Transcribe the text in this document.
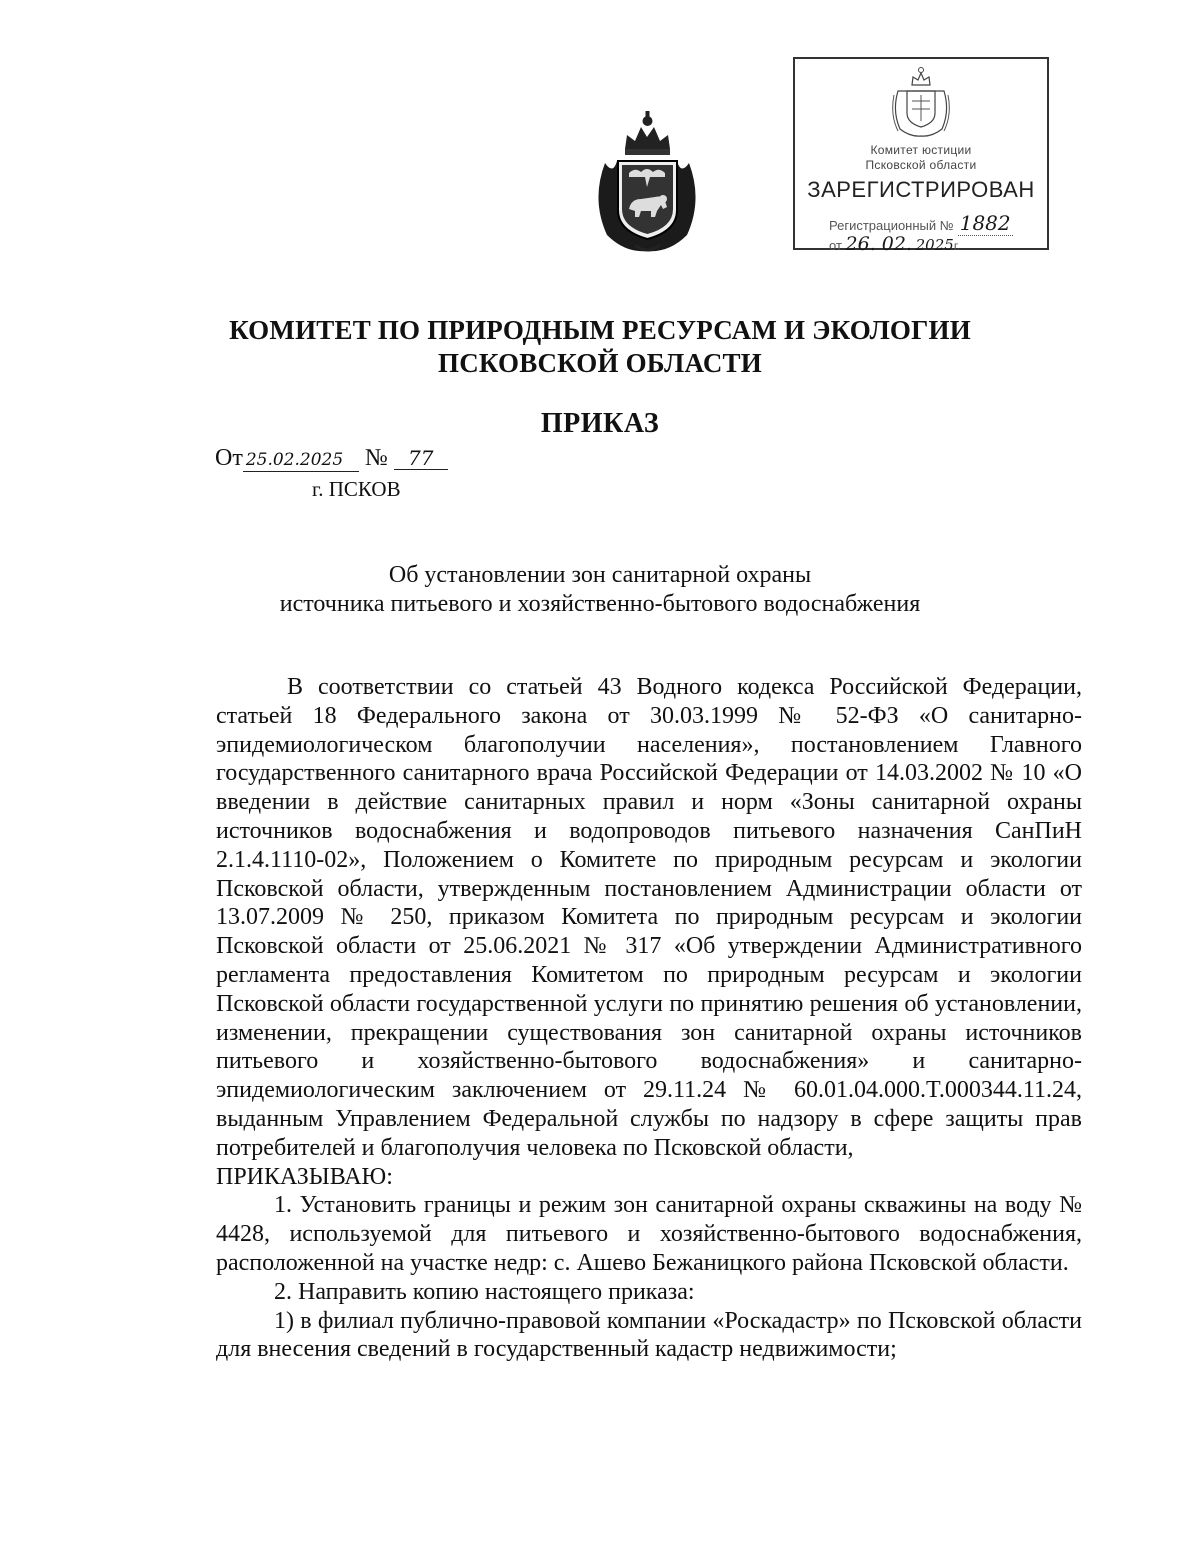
Комитет юстиции
Псковской области
ЗАРЕГИСТРИРОВАН
Регистрационный № 1882
от 26. 02. 2025г.
КОМИТЕТ ПО ПРИРОДНЫМ РЕСУРСАМ И ЭКОЛОГИИ
ПСКОВСКОЙ ОБЛАСТИ
ПРИКАЗ
От 25.02.2025 № 77
г. ПСКОВ
Об установлении зон санитарной охраны
источника питьевого и хозяйственно-бытового водоснабжения

В соответствии со статьей 43 Водного кодекса Российской Федерации, статьей 18 Федерального закона от 30.03.1999 № 52-ФЗ «О санитарно-эпидемиологическом благополучии населения», постановлением Главного государственного санитарного врача Российской Федерации от 14.03.2002 № 10 «О введении в действие санитарных правил и норм «Зоны санитарной охраны источников водоснабжения и водопроводов питьевого назначения СанПиН 2.1.4.1110-02», Положением о Комитете по природным ресурсам и экологии Псковской области, утвержденным постановлением Администрации области от 13.07.2009 № 250, приказом Комитета по природным ресурсам и экологии Псковской области от 25.06.2021 № 317 «Об утверждении Административного регламента предоставления Комитетом по природным ресурсам и экологии Псковской области государственной услуги по принятию решения об установлении, изменении, прекращении существования зон санитарной охраны источников питьевого и хозяйственно-бытового водоснабжения» и санитарно-эпидемиологическим заключением от 29.11.24 № 60.01.04.000.T.000344.11.24, выданным Управлением Федеральной службы по надзору в сфере защиты прав потребителей и благополучия человека по Псковской области,

ПРИКАЗЫВАЮ:

1. Установить границы и режим зон санитарной охраны скважины на воду № 4428, используемой для питьевого и хозяйственно-бытового водоснабжения, расположенной на участке недр: с. Ашево Бежаницкого района Псковской области.

2. Направить копию настоящего приказа:

1) в филиал публично-правовой компании «Роскадастр» по Псковской области для внесения сведений в государственный кадастр недвижимости;
